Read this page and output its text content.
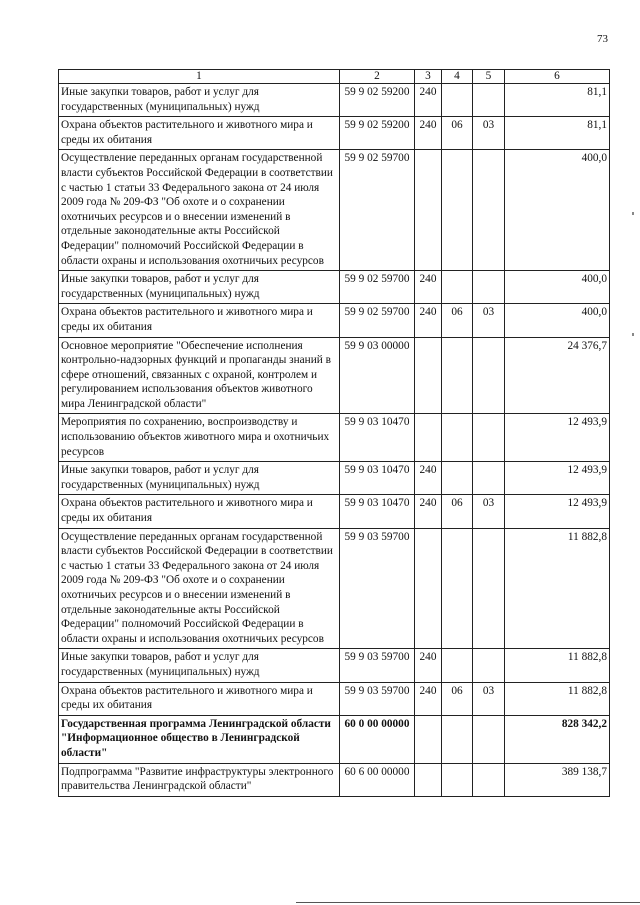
73
1	2	3	4	5	6
Иные закупки товаров, работ и услуг для государственных (муниципальных) нужд	59 9 02 59200	240			81,1
Охрана объектов растительного и животного мира и среды их обитания	59 9 02 59200	240	06	03	81,1
Осуществление переданных органам государственной власти субъектов Российской Федерации в соответствии с частью 1 статьи 33 Федерального закона от 24 июля 2009 года № 209-ФЗ "Об охоте и о сохранении охотничьих ресурсов и о внесении изменений в отдельные законодательные акты Российской Федерации" полномочий Российской Федерации в области охраны и использования охотничьих ресурсов	59 9 02 59700				400,0
Иные закупки товаров, работ и услуг для государственных (муниципальных) нужд	59 9 02 59700	240			400,0
Охрана объектов растительного и животного мира и среды их обитания	59 9 02 59700	240	06	03	400,0
Основное мероприятие "Обеспечение исполнения контрольно-надзорных функций и пропаганды знаний в сфере отношений, связанных с охраной, контролем и регулированием использования объектов животного мира Ленинградской области"	59 9 03 00000				24 376,7
Мероприятия по сохранению, воспроизводству и использованию объектов животного мира и охотничьих ресурсов	59 9 03 10470				12 493,9
Иные закупки товаров, работ и услуг для государственных (муниципальных) нужд	59 9 03 10470	240			12 493,9
Охрана объектов растительного и животного мира и среды их обитания	59 9 03 10470	240	06	03	12 493,9
Осуществление переданных органам государственной власти субъектов Российской Федерации в соответствии с частью 1 статьи 33 Федерального закона от 24 июля 2009 года № 209-ФЗ "Об охоте и о сохранении охотничьих ресурсов и о внесении изменений в отдельные законодательные акты Российской Федерации" полномочий Российской Федерации в области охраны и использования охотничьих ресурсов	59 9 03 59700				11 882,8
Иные закупки товаров, работ и услуг для государственных (муниципальных) нужд	59 9 03 59700	240			11 882,8
Охрана объектов растительного и животного мира и среды их обитания	59 9 03 59700	240	06	03	11 882,8
Государственная программа Ленинградской области "Информационное общество в Ленинградской области"	60 0 00 00000				828 342,2
Подпрограмма "Развитие инфраструктуры электронного правительства Ленинградской области"	60 6 00 00000				389 138,7
